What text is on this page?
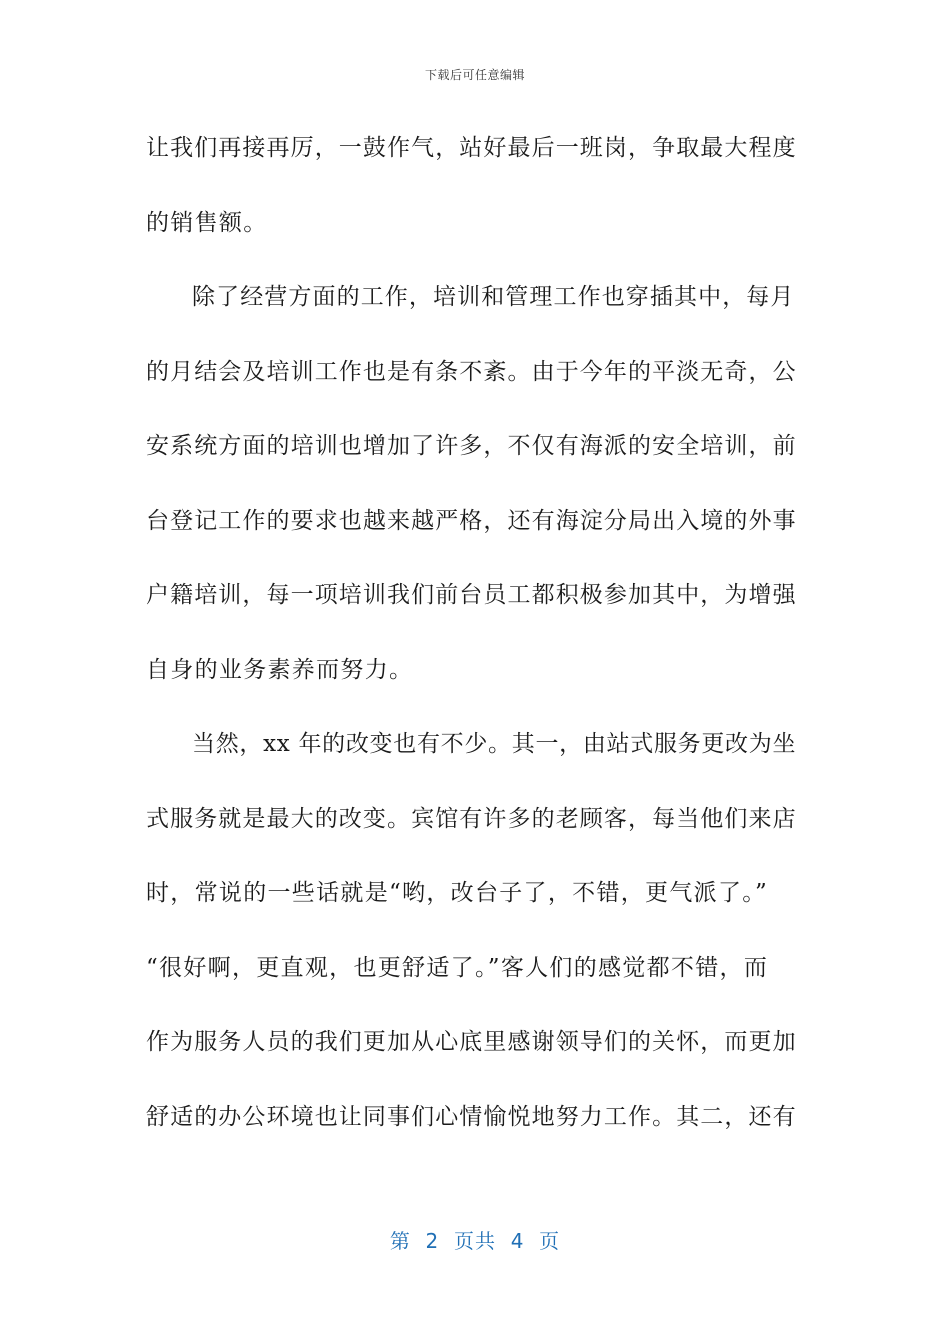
下载后可任意编辑
让我们再接再厉，一鼓作气，站好最后一班岗，争取最大程度
的销售额。
除了经营方面的工作，培训和管理工作也穿插其中，每月
的月结会及培训工作也是有条不紊。由于今年的平淡无奇，公
安系统方面的培训也增加了许多，不仅有海派的安全培训，前
台登记工作的要求也越来越严格，还有海淀分局出入境的外事
户籍培训，每一项培训我们前台员工都积极参加其中，为增强
自身的业务素养而努力。
当然，xx 年的改变也有不少。其一，由站式服务更改为坐
式服务就是最大的改变。宾馆有许多的老顾客，每当他们来店
时，常说的一些话就是“哟，改台子了，不错，更气派了。”
“很好啊，更直观，也更舒适了。”客人们的感觉都不错，而
作为服务人员的我们更加从心底里感谢领导们的关怀，而更加
舒适的办公环境也让同事们心情愉悦地努力工作。其二，还有
第  2  页共  4  页
